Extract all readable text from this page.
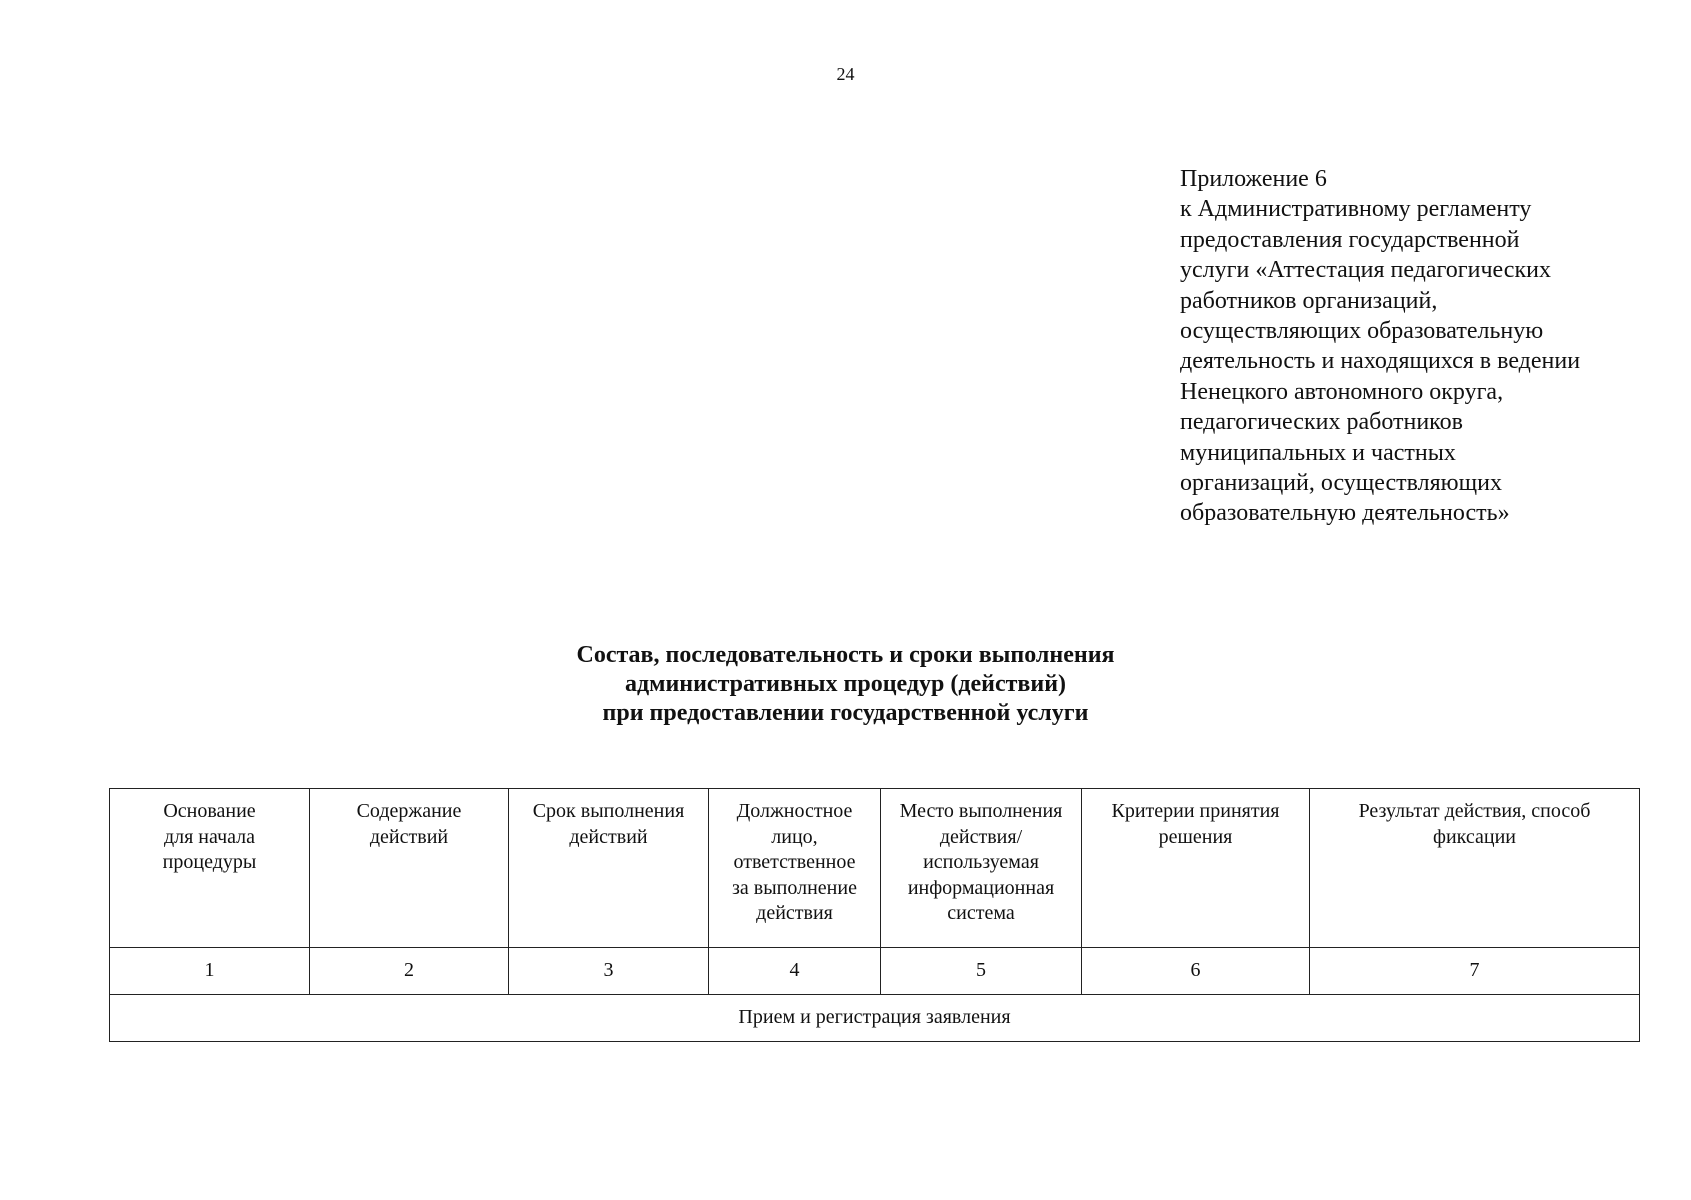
24
Приложение 6
к Административному регламенту
предоставления государственной
услуги «Аттестация педагогических
работников организаций,
осуществляющих образовательную
деятельность и находящихся в ведении
Ненецкого автономного округа,
педагогических работников
муниципальных и частных
организаций, осуществляющих
образовательную деятельность»
Состав, последовательность и сроки выполнения
административных процедур (действий)
при предоставлении государственной услуги
Основание
для начала
процедуры	Содержание
действий	Срок выполнения
действий	Должностное
лицо,
ответственное
за выполнение
действия	Место выполнения
действия/
используемая
информационная
система	Критерии принятия
решения	Результат действия, способ
фиксации

1	2	3	4	5	6	7
Прием и регистрация заявления						
